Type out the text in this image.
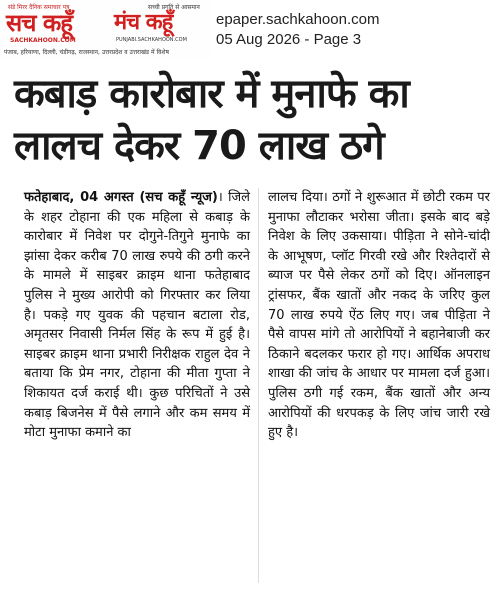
संडे मिरर दैनिक समाचार पत्र
सच कहूँ
SACHKAHOON.COM
सच्ची प्रगति से आसमान
मंच कहूँ
PUNJABI.SACHKAHOON.COM
पंजाब, हरियाणा, दिल्ली, चंडीगढ़, राजस्थान, उत्तरप्रदेश व उत्तराखंड में विशेष
epaper.sachkahoon.com
05 Aug 2026 - Page 3
कबाड़ कारोबार में मुनाफे का
लालच देकर 70 लाख ठगे
फतेहाबाद, 04 अगस्त (सच कहूँ न्यूज)। जिले के शहर टोहाना की एक महिला से कबाड़ के कारोबार में निवेश पर दोगुने-तिगुने मुनाफे का झांसा देकर करीब 70 लाख रुपये की ठगी करने के मामले में साइबर क्राइम थाना फतेहाबाद पुलिस ने मुख्य आरोपी को गिरफ्तार कर लिया है। पकड़े गए युवक की पहचान बटाला रोड, अमृतसर निवासी निर्मल सिंह के रूप में हुई है। साइबर क्राइम थाना प्रभारी निरीक्षक राहुल देव ने बताया कि प्रेम नगर, टोहाना की मीता गुप्ता ने शिकायत दर्ज कराई थी। कुछ परिचितों ने उसे कबाड़ बिजनेस में पैसे लगाने और कम समय में मोटा मुनाफा कमाने का
लालच दिया। ठगों ने शुरूआत में छोटी रकम पर मुनाफा लौटाकर भरोसा जीता। इसके बाद बड़े निवेश के लिए उकसाया। पीड़िता ने सोने-चांदी के आभूषण, प्लॉट गिरवी रखे और रिश्तेदारों से ब्याज पर पैसे लेकर ठगों को दिए। ऑनलाइन ट्रांसफर, बैंक खातों और नकद के जरिए कुल 70 लाख रुपये ऐंठ लिए गए। जब पीड़िता ने पैसे वापस मांगे तो आरोपियों ने बहानेबाजी कर ठिकाने बदलकर फरार हो गए। आर्थिक अपराध शाखा की जांच के आधार पर मामला दर्ज हुआ। पुलिस ठगी गई रकम, बैंक खातों और अन्य आरोपियों की धरपकड़ के लिए जांच जारी रखे हुए है।
